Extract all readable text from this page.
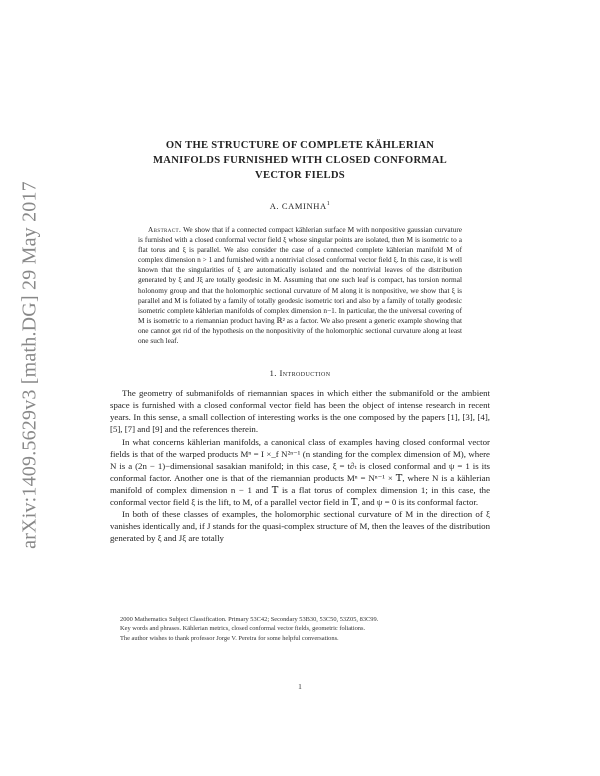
arXiv:1409.5629v3 [math.DG] 29 May 2017
ON THE STRUCTURE OF COMPLETE KÄHLERIAN
MANIFOLDS FURNISHED WITH CLOSED CONFORMAL
VECTOR FIELDS
A. CAMINHA$^1$

Abstract. We show that if a connected compact kählerian surface M with nonpositive gaussian curvature is furnished with a closed conformal vector field ξ whose singular points are isolated, then M is isometric to a flat torus and ξ is parallel. We also consider the case of a connected complete kählerian manifold M of complex dimension n > 1 and furnished with a nontrivial closed conformal vector field ξ. In this case, it is well known that the singularities of ξ are automatically isolated and the nontrivial leaves of the distribution generated by ξ and Jξ are totally geodesic in M. Assuming that one such leaf is compact, has torsion normal holonomy group and that the holomorphic sectional curvature of M along it is nonpositive, we show that ξ is parallel and M is foliated by a family of totally geodesic isometric tori and also by a family of totally geodesic isometric complete kählerian manifolds of complex dimension n−1. In particular, the the universal covering of M is isometric to a riemannian product having ℝ² as a factor. We also present a generic example showing that one cannot get rid of the hypothesis on the nonpositivity of the holomorphic sectional curvature along at least one such leaf.

1. Introduction

The geometry of submanifolds of riemannian spaces in which either the submanifold or the ambient space is furnished with a closed conformal vector field has been the object of intense research in recent years. In this sense, a small collection of interesting works is the one composed by the papers [1], [3], [4], [5], [7] and [9] and the references therein.

In what concerns kählerian manifolds, a canonical class of examples having closed conformal vector fields is that of the warped products Mⁿ = I ×_f N²ⁿ⁻¹ (n standing for the complex dimension of M), where N is a (2n − 1)−dimensional sasakian manifold; in this case, ξ = t∂ₜ is closed conformal and ψ = 1 is its conformal factor. Another one is that of the riemannian products Mⁿ = Nⁿ⁻¹ × 𝕋, where N is a kählerian manifold of complex dimension n − 1 and 𝕋 is a flat torus of complex dimension 1; in this case, the conformal vector field ξ is the lift, to M, of a parallel vector field in 𝕋, and ψ = 0 is its conformal factor.

In both of these classes of examples, the holomorphic sectional curvature of M in the direction of ξ vanishes identically and, if J stands for the quasi-complex structure of M, then the leaves of the distribution generated by ξ and Jξ are totally

2000 Mathematics Subject Classification. Primary 53C42; Secondary 53B30, 53C50, 53Z05, 83C99.

Key words and phrases. Kählerian metrics, closed conformal vector fields, geometric foliations.

The author wishes to thank professor Jorge V. Pereira for some helpful conversations.

1
